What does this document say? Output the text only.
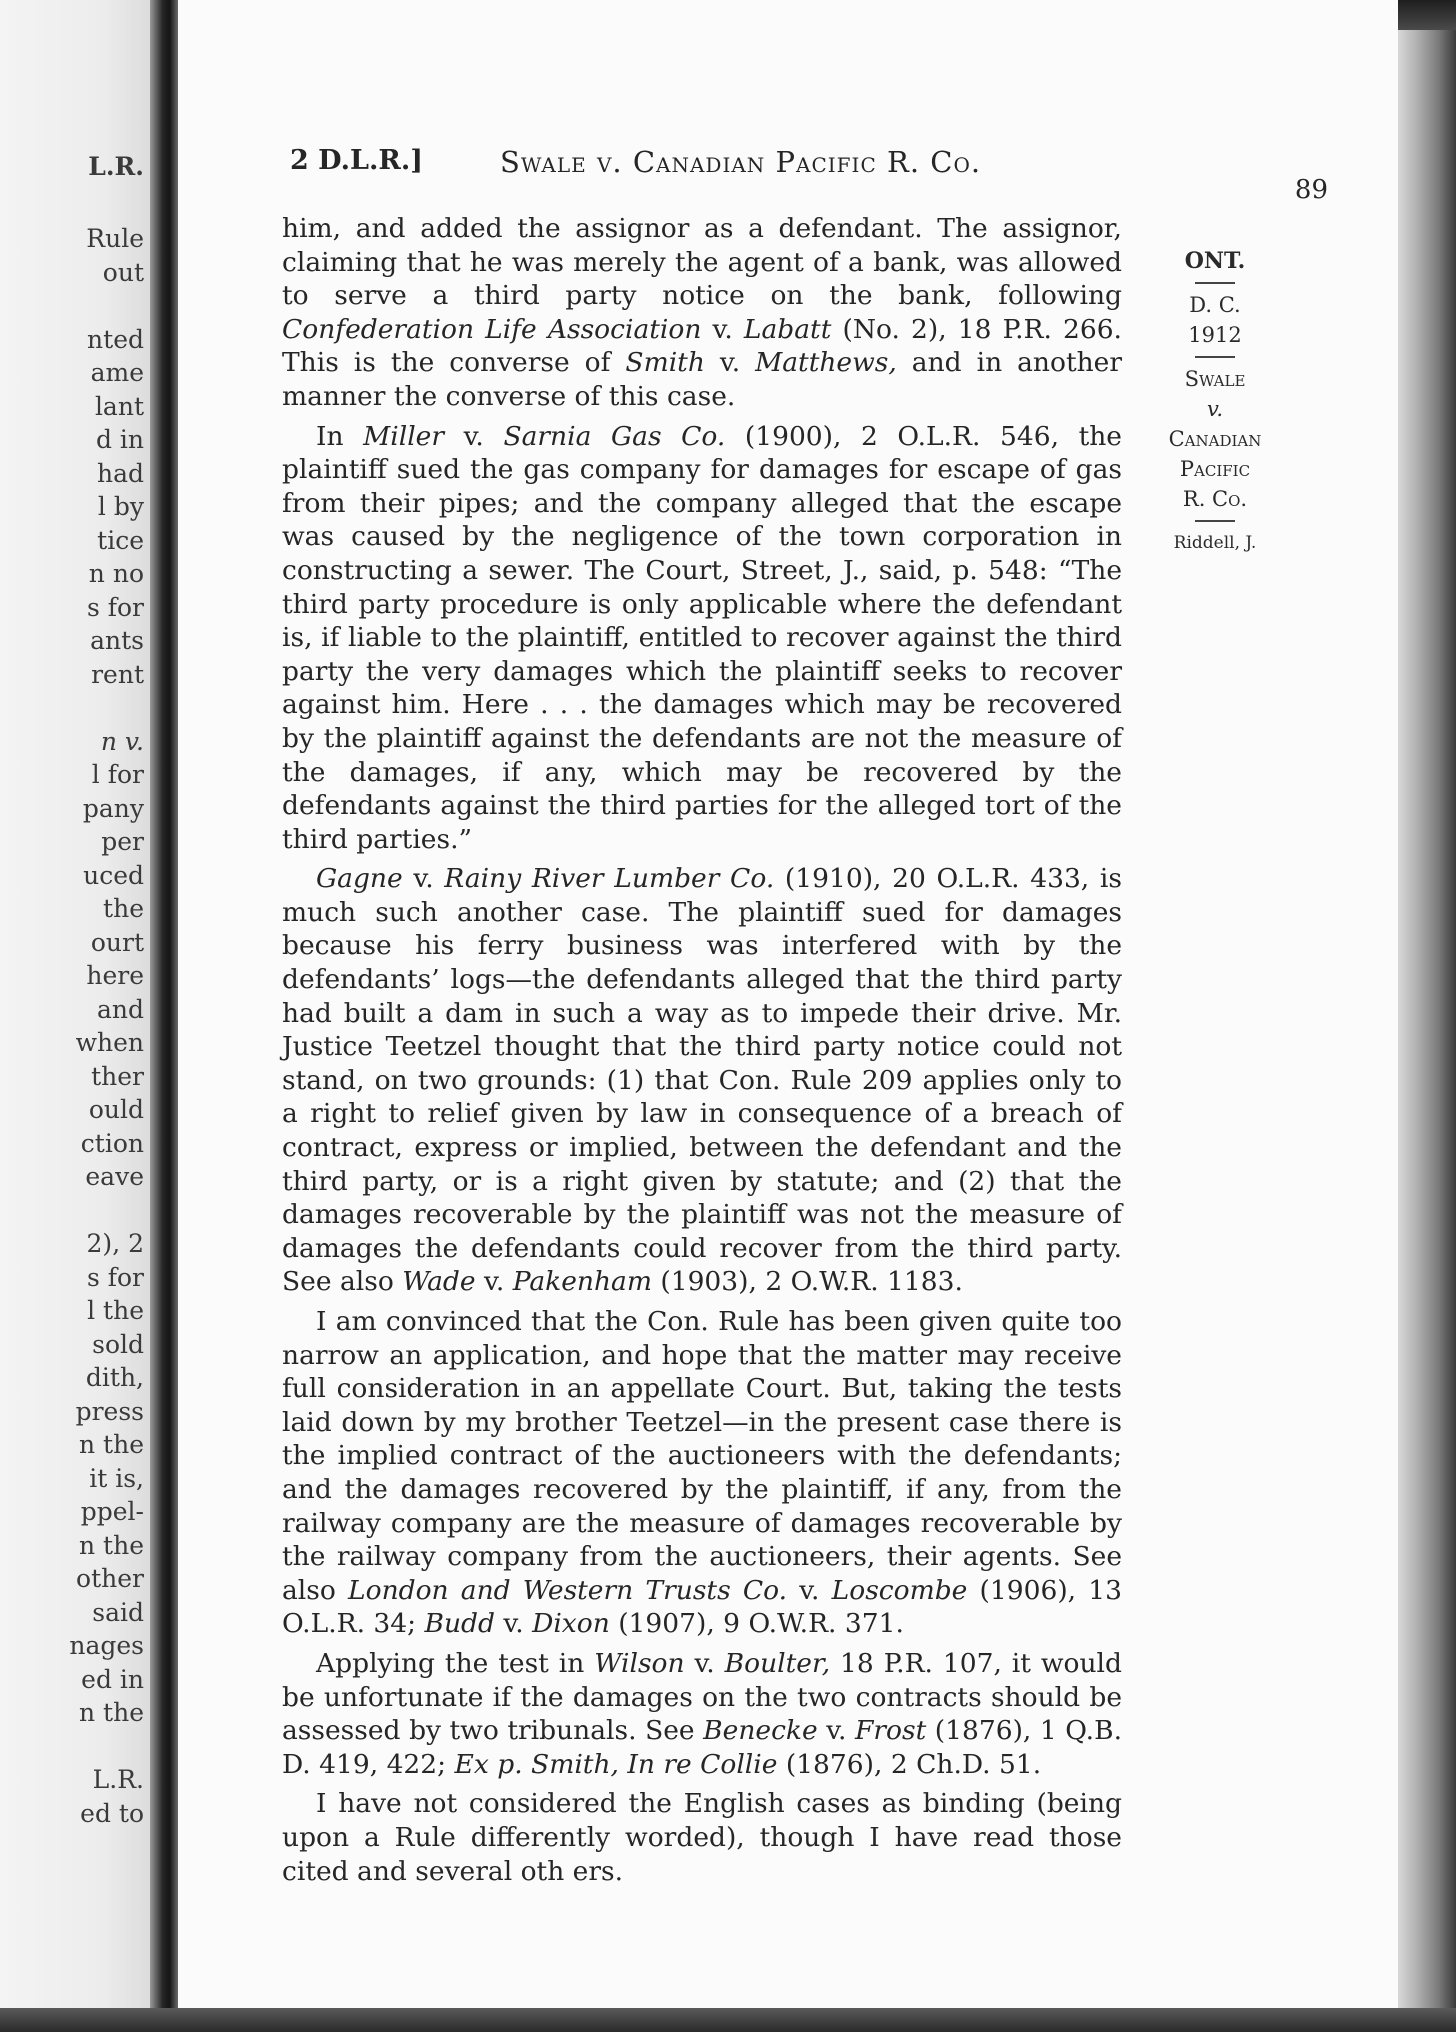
L.R.
Rule
out
nted
ame
lant
d in
had
l by
tice
n no
s for
ants
rent
n v.
l for
pany
per
uced
the
ourt
here
and
when
ther
ould
ction
eave
2), 2
s for
l the
sold
dith,
press
n the
it is,
ppel-
n the
other
said
nages
ed in
n the
L.R.
ed to
2 D.L.R.]	Swale v. Canadian Pacific R. Co.
89
ONT.
D. C.
1912
Swale
v.
Canadian
Pacific
R. Co.
Riddell, J.

him, and added the assignor as a defendant. The assignor, claiming that he was merely the agent of a bank, was allowed to serve a third party notice on the bank, following Confederation Life Association v. Labatt (No. 2), 18 P.R. 266. This is the converse of Smith v. Matthews, and in another manner the converse of this case.

In Miller v. Sarnia Gas Co. (1900), 2 O.L.R. 546, the plaintiff sued the gas company for damages for escape of gas from their pipes; and the company alleged that the escape was caused by the negligence of the town corporation in constructing a sewer. The Court, Street, J., said, p. 548: “The third party procedure is only applicable where the defendant is, if liable to the plaintiff, entitled to recover against the third party the very damages which the plaintiff seeks to recover against him. Here . . . the damages which may be recovered by the plaintiff against the defendants are not the measure of the damages, if any, which may be recovered by the defendants against the third parties for the alleged tort of the third parties.”

Gagne v. Rainy River Lumber Co. (1910), 20 O.L.R. 433, is much such another case. The plaintiff sued for damages because his ferry business was interfered with by the defendants’ logs—the defendants alleged that the third party had built a dam in such a way as to impede their drive. Mr. Justice Teetzel thought that the third party notice could not stand, on two grounds: (1) that Con. Rule 209 applies only to a right to relief given by law in consequence of a breach of contract, express or implied, between the defendant and the third party, or is a right given by statute; and (2) that the damages recoverable by the plaintiff was not the measure of damages the defendants could recover from the third party. See also Wade v. Pakenham (1903), 2 O.W.R. 1183.

I am convinced that the Con. Rule has been given quite too narrow an application, and hope that the matter may receive full consideration in an appellate Court. But, taking the tests laid down by my brother Teetzel—in the present case there is the implied contract of the auctioneers with the defendants; and the damages recovered by the plaintiff, if any, from the railway company are the measure of damages recoverable by the railway company from the auctioneers, their agents. See also London and Western Trusts Co. v. Loscombe (1906), 13 O.L.R. 34; Budd v. Dixon (1907), 9 O.W.R. 371.

Applying the test in Wilson v. Boulter, 18 P.R. 107, it would be unfortunate if the damages on the two contracts should be assessed by two tribunals. See Benecke v. Frost (1876), 1 Q.B. D. 419, 422; Ex p. Smith, In re Collie (1876), 2 Ch.D. 51.

I have not considered the English cases as binding (being upon a Rule differently worded), though I have read those cited and several oth ers.
